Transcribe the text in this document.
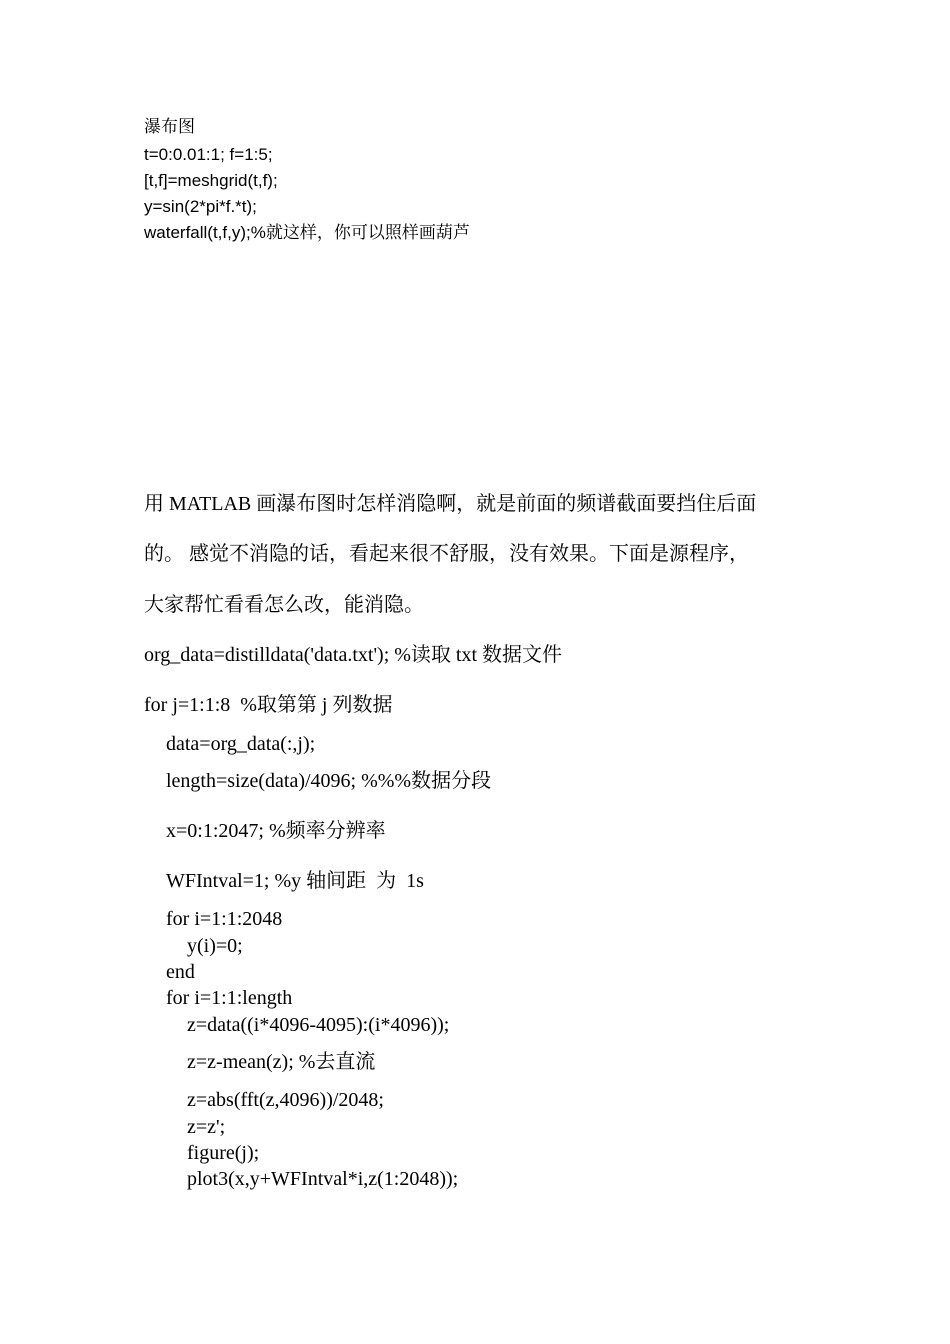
瀑布图
t=0:0.01:1; f=1:5;
[t,f]=meshgrid(t,f);
y=sin(2*pi*f.*t);
waterfall(t,f,y);%就这样，你可以照样画葫芦
用 MATLAB 画瀑布图时怎样消隐啊，就是前面的频谱截面要挡住后面
的。 感觉不消隐的话，看起来很不舒服，没有效果。下面是源程序，
大家帮忙看看怎么改，能消隐。
org_data=distilldata('data.txt'); %读取 txt 数据文件
for j=1:1:8  %取第第 j 列数据
data=org_data(:,j);
length=size(data)/4096; %%%数据分段
x=0:1:2047; %频率分辨率
WFIntval=1; %y 轴间距  为  1s
for i=1:1:2048
y(i)=0;
end
for i=1:1:length
z=data((i*4096-4095):(i*4096));
z=z-mean(z); %去直流
z=abs(fft(z,4096))/2048;
z=z';
figure(j);
plot3(x,y+WFIntval*i,z(1:2048));
